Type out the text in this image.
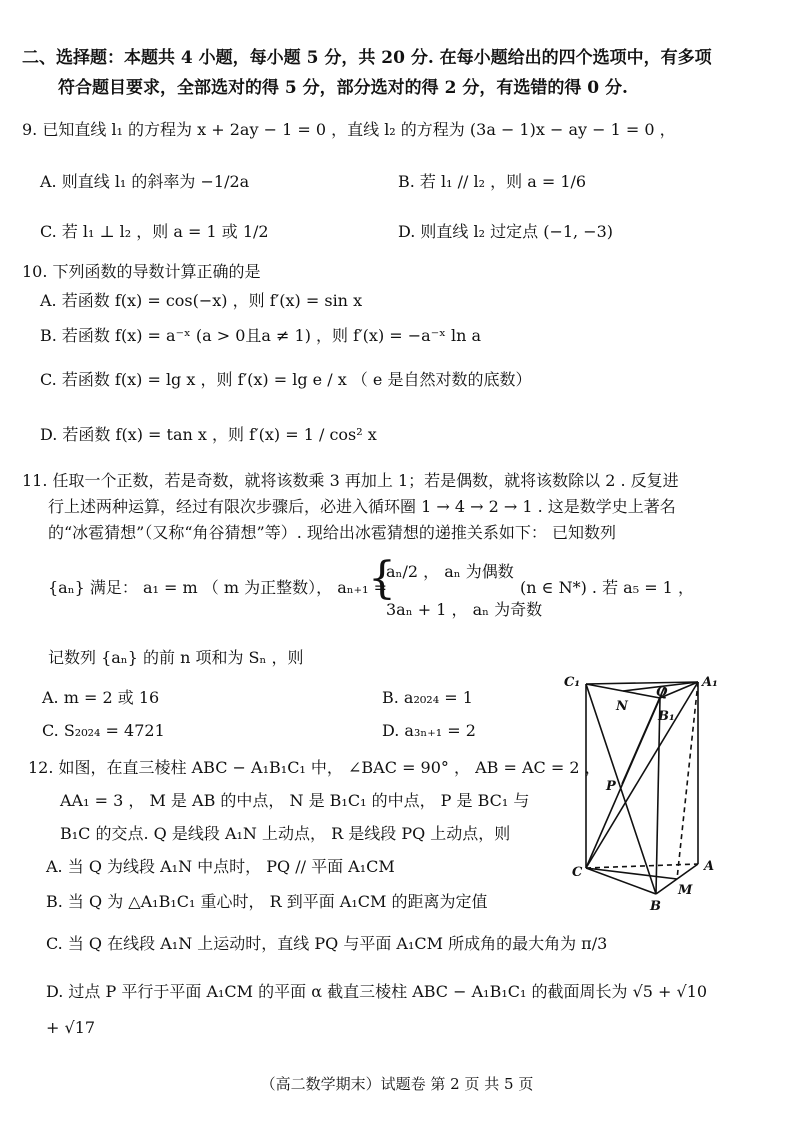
二、选择题：本题共 4 小题，每小题 5 分，共 20 分. 在每小题给出的四个选项中，有多项
符合题目要求，全部选对的得 5 分，部分选对的得 2 分，有选错的得 0 分.
9. 已知直线 l₁ 的方程为 x + 2ay − 1 = 0 ，直线 l₂ 的方程为 (3a − 1)x − ay − 1 = 0 ，
A. 则直线 l₁ 的斜率为 −1/2a	B. 若 l₁ // l₂ ，则 a = 1/6
C. 若 l₁ ⊥ l₂ ，则 a = 1 或 1/2	D. 则直线 l₂ 过定点 (−1, −3)
10. 下列函数的导数计算正确的是
A. 若函数 f(x) = cos(−x) ，则 f′(x) = sin x
B. 若函数 f(x) = a⁻ˣ (a > 0且a ≠ 1) ，则 f′(x) = −a⁻ˣ ln a
C. 若函数 f(x) = lg x ，则 f′(x) = lg e / x （ e 是自然对数的底数）
D. 若函数 f(x) = tan x ，则 f′(x) = 1 / cos² x
11. 任取一个正数，若是奇数，就将该数乘 3 再加上 1；若是偶数，就将该数除以 2 . 反复进
行上述两种运算，经过有限次步骤后，必进入循环圈 1 → 4 → 2 → 1 . 这是数学史上著名
的“冰雹猜想”（又称“角谷猜想”等）. 现给出冰雹猜想的递推关系如下： 已知数列
{aₙ} 满足： a₁ = m （ m 为正整数）， aₙ₊₁ =
{
aₙ/2 ， aₙ 为偶数
3aₙ + 1 ， aₙ 为奇数
(n ∈ N*) . 若 a₅ = 1 ，
记数列 {aₙ} 的前 n 项和为 Sₙ ，则
A. m = 2 或 16	B. a₂₀₂₄ = 1
C. S₂₀₂₄ = 4721	D. a₃ₙ₊₁ = 2
12. 如图，在直三棱柱 ABC − A₁B₁C₁ 中， ∠BAC = 90° ， AB = AC = 2 ，
AA₁ = 3 ， M 是 AB 的中点， N 是 B₁C₁ 的中点， P 是 BC₁ 与
B₁C 的交点. Q 是线段 A₁N 上动点， R 是线段 PQ 上动点，则
A. 当 Q 为线段 A₁N 中点时， PQ // 平面 A₁CM
B. 当 Q 为 △A₁B₁C₁ 重心时， R 到平面 A₁CM 的距离为定值
C. 当 Q 在线段 A₁N 上运动时，直线 PQ 与平面 A₁CM 所成角的最大角为 π/3
D. 过点 P 平行于平面 A₁CM 的平面 α 截直三棱柱 ABC − A₁B₁C₁ 的截面周长为 √5 + √10
+ √17
C₁	A₁
B₁
N
Q
P
C	A
B
M
（高二数学期末）试题卷 第 2 页 共 5 页
